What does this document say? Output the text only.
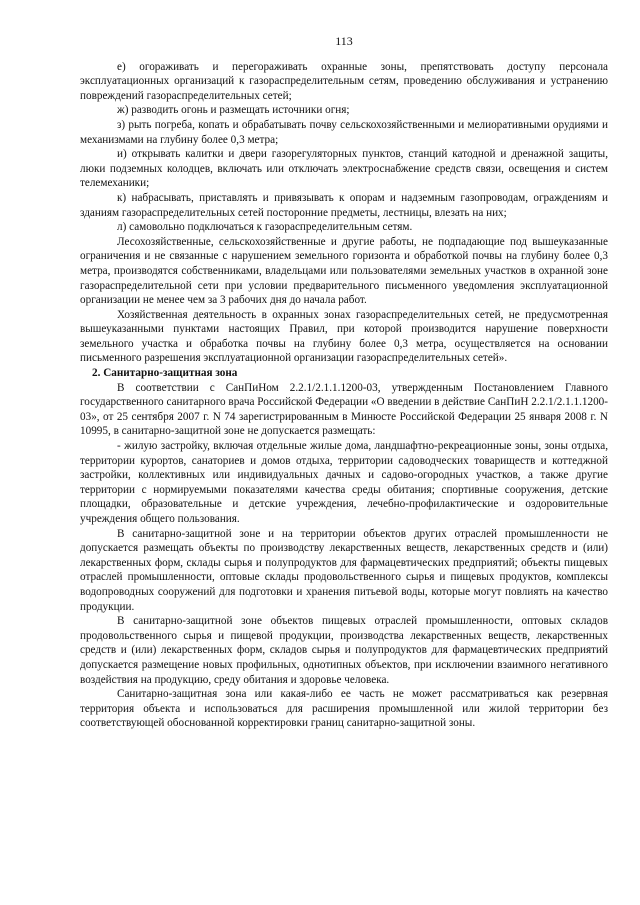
113

е) огораживать и перегораживать охранные зоны, препятствовать доступу персонала эксплуатационных организаций к газораспределительным сетям, проведению обслуживания и устранению повреждений газораспределительных сетей;

ж) разводить огонь и размещать источники огня;

з) рыть погреба, копать и обрабатывать почву сельскохозяйственными и мелиоративными орудиями и механизмами на глубину более 0,3 метра;

и) открывать калитки и двери газорегуляторных пунктов, станций катодной и дренажной защиты, люки подземных колодцев, включать или отключать электроснабжение средств связи, освещения и систем телемеханики;

к) набрасывать, приставлять и привязывать к опорам и надземным газопроводам, ограждениям и зданиям газораспределительных сетей посторонние предметы, лестницы, влезать на них;

л) самовольно подключаться к газораспределительным сетям.

Лесохозяйственные, сельскохозяйственные и другие работы, не подпадающие под вышеуказанные ограничения и не связанные с нарушением земельного горизонта и обработкой почвы на глубину более 0,3 метра, производятся собственниками, владельцами или пользователями земельных участков в охранной зоне газораспределительной сети при условии предварительного письменного уведомления эксплуатационной организации не менее чем за 3 рабочих дня до начала работ.

Хозяйственная деятельность в охранных зонах газораспределительных сетей, не предусмотренная вышеуказанными пунктами настоящих Правил, при которой производится нарушение поверхности земельного участка и обработка почвы на глубину более 0,3 метра, осуществляется на основании письменного разрешения эксплуатационной организации газораспределительных сетей».

2. Санитарно-защитная зона

В соответствии с СанПиНом 2.2.1/2.1.1.1200-03, утвержденным Постановлением Главного государственного санитарного врача Российской Федерации «О введении в действие СанПиН 2.2.1/2.1.1.1200-03», от 25 сентября 2007 г. N 74 зарегистрированным в Минюсте Российской Федерации 25 января 2008 г. N 10995, в санитарно-защитной зоне не допускается размещать:

- жилую застройку, включая отдельные жилые дома, ландшафтно-рекреационные зоны, зоны отдыха, территории курортов, санаториев и домов отдыха, территории садоводческих товариществ и коттеджной застройки, коллективных или индивидуальных дачных и садово-огородных участков, а также другие территории с нормируемыми показателями качества среды обитания; спортивные сооружения, детские площадки, образовательные и детские учреждения, лечебно-профилактические и оздоровительные учреждения общего пользования.

В санитарно-защитной зоне и на территории объектов других отраслей промышленности не допускается размещать объекты по производству лекарственных веществ, лекарственных средств и (или) лекарственных форм, склады сырья и полупродуктов для фармацевтических предприятий; объекты пищевых отраслей промышленности, оптовые склады продовольственного сырья и пищевых продуктов, комплексы водопроводных сооружений для подготовки и хранения питьевой воды, которые могут повлиять на качество продукции.

В санитарно-защитной зоне объектов пищевых отраслей промышленности, оптовых складов продовольственного сырья и пищевой продукции, производства лекарственных веществ, лекарственных средств и (или) лекарственных форм, складов сырья и полупродуктов для фармацевтических предприятий допускается размещение новых профильных, однотипных объектов, при исключении взаимного негативного воздействия на продукцию, среду обитания и здоровье человека.

Санитарно-защитная зона или какая-либо ее часть не может рассматриваться как резервная территория объекта и использоваться для расширения промышленной или жилой территории без соответствующей обоснованной корректировки границ санитарно-защитной зоны.
